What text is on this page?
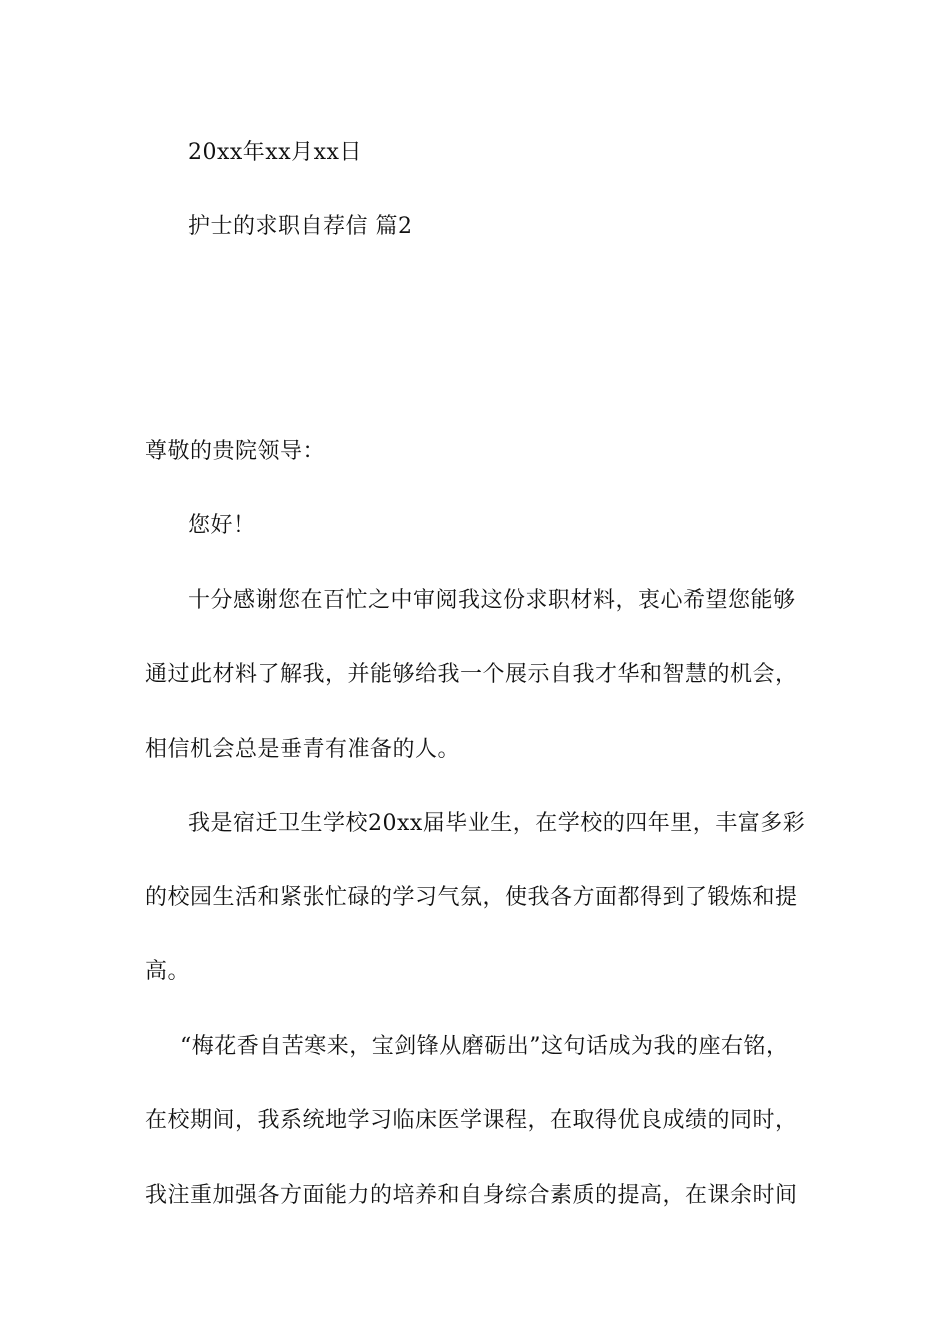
20xx年xx月xx日
护士的求职自荐信 篇2
尊敬的贵院领导：
您好！
十分感谢您在百忙之中审阅我这份求职材料，衷心希望您能够
通过此材料了解我，并能够给我一个展示自我才华和智慧的机会，
相信机会总是垂青有准备的人。
我是宿迁卫生学校20xx届毕业生，在学校的四年里，丰富多彩
的校园生活和紧张忙碌的学习气氛，使我各方面都得到了锻炼和提
高。
“梅花香自苦寒来，宝剑锋从磨砺出”这句话成为我的座右铭，
在校期间，我系统地学习临床医学课程，在取得优良成绩的同时，
我注重加强各方面能力的培养和自身综合素质的提高，在课余时间
